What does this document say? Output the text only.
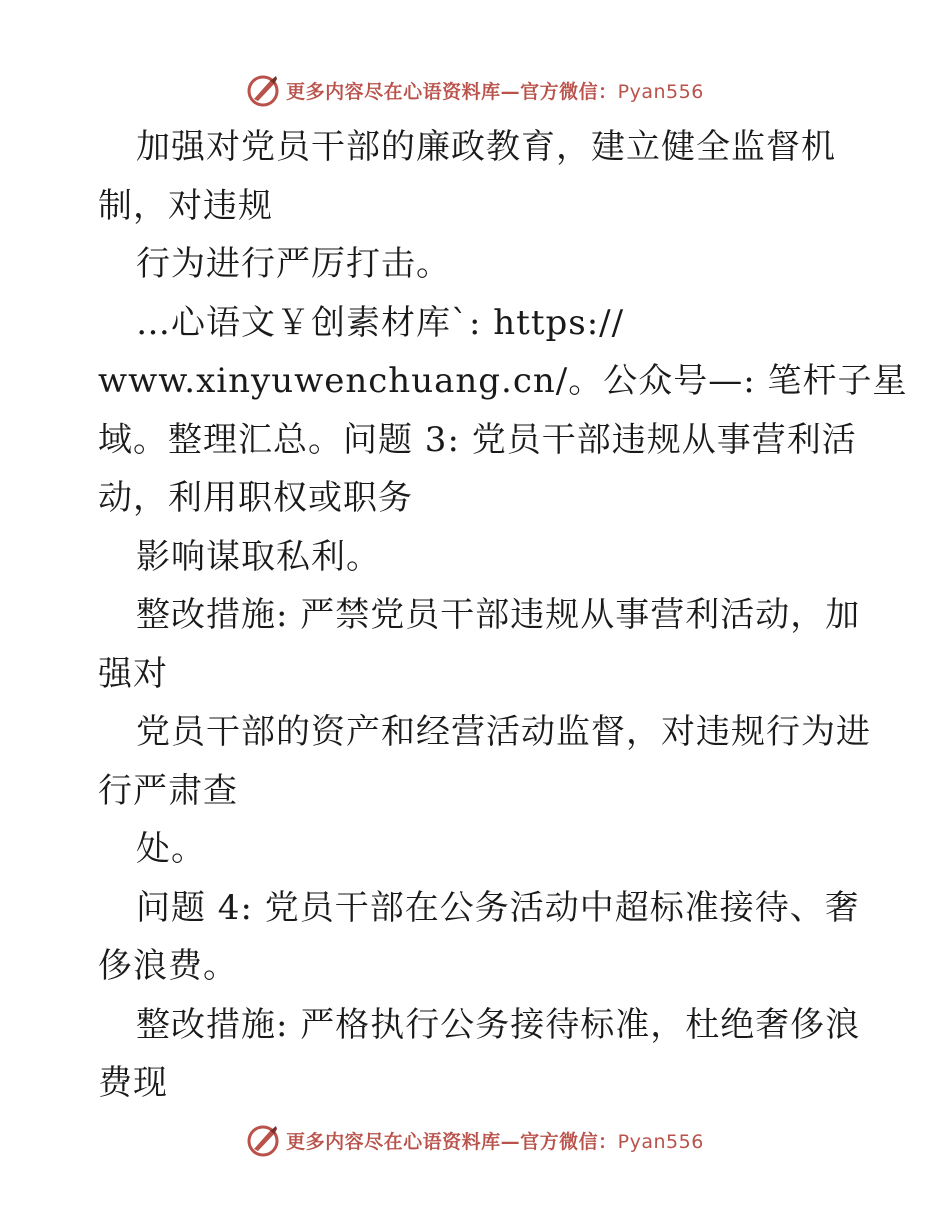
更多内容尽在心语资料库—官方微信：Pyan556
加强对党员干部的廉政教育，建立健全监督机
制，对违规
行为进行严厉打击。
…心语文￥创素材库`: https://
www.xinyuwenchuang.cn/。公众号—: 笔杆子星
域。整理汇总。问题 3: 党员干部违规从事营利活
动，利用职权或职务
影响谋取私利。
整改措施: 严禁党员干部违规从事营利活动，加
强对
党员干部的资产和经营活动监督，对违规行为进
行严肃查
处。
问题 4: 党员干部在公务活动中超标准接待、奢
侈浪费。
整改措施: 严格执行公务接待标准，杜绝奢侈浪
费现
更多内容尽在心语资料库—官方微信：Pyan556
